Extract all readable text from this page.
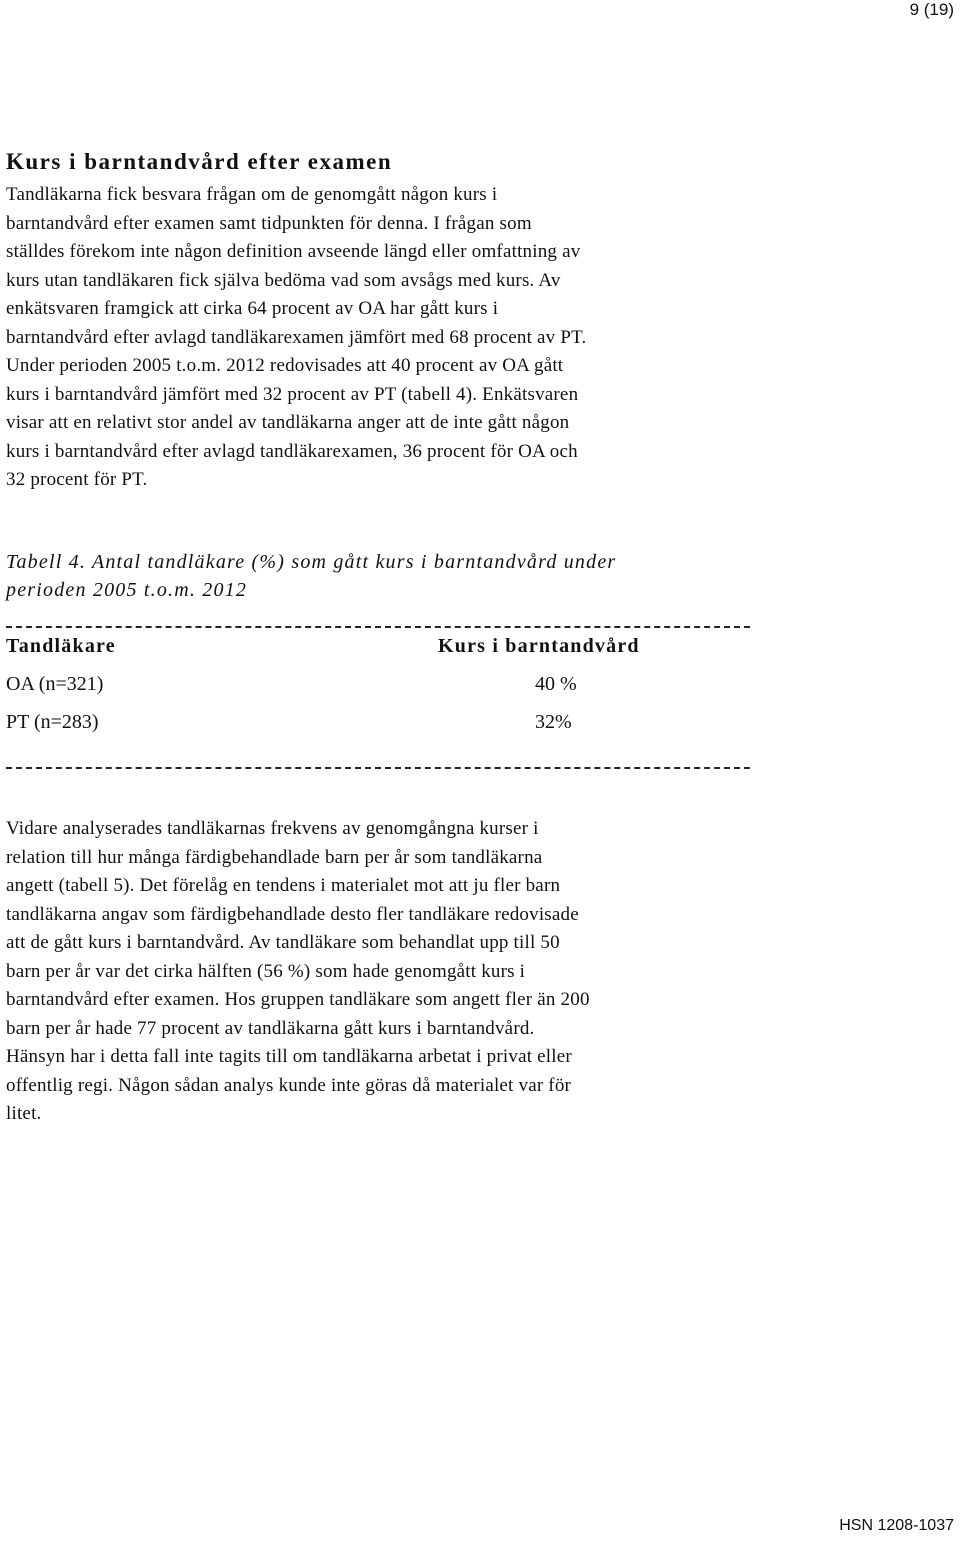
9 (19)
Kurs i barntandvård efter examen
Tandläkarna fick besvara frågan om de genomgått någon kurs i
barntandvård efter examen samt tidpunkten för denna. I frågan som
ställdes förekom inte någon definition avseende längd eller omfattning av
kurs utan tandläkaren fick själva bedöma vad som avsågs med kurs. Av
enkätsvaren framgick att cirka 64 procent av OA har gått kurs i
barntandvård efter avlagd tandläkarexamen jämfört med 68 procent av PT.
Under perioden 2005 t.o.m. 2012 redovisades att 40 procent av OA gått
kurs i barntandvård jämfört med 32 procent av PT (tabell 4). Enkätsvaren
visar att en relativt stor andel av tandläkarna anger att de inte gått någon
kurs i barntandvård efter avlagd tandläkarexamen, 36 procent för OA och
32 procent för PT.
Tabell 4. Antal tandläkare (%) som gått kurs i barntandvård under
perioden 2005 t.o.m. 2012
Tandläkare	Kurs i barntandvård
OA (n=321)	40 %
PT (n=283)	32%
Vidare analyserades tandläkarnas frekvens av genomgångna kurser i
relation till hur många färdigbehandlade barn per år som tandläkarna
angett (tabell 5). Det förelåg en tendens i materialet mot att ju fler barn
tandläkarna angav som färdigbehandlade desto fler tandläkare redovisade
att de gått kurs i barntandvård. Av tandläkare som behandlat upp till 50
barn per år var det cirka hälften (56 %) som hade genomgått kurs i
barntandvård efter examen. Hos gruppen tandläkare som angett fler än 200
barn per år hade 77 procent av tandläkarna gått kurs i barntandvård.
Hänsyn har i detta fall inte tagits till om tandläkarna arbetat i privat eller
offentlig regi. Någon sådan analys kunde inte göras då materialet var för
litet.
HSN 1208-1037
